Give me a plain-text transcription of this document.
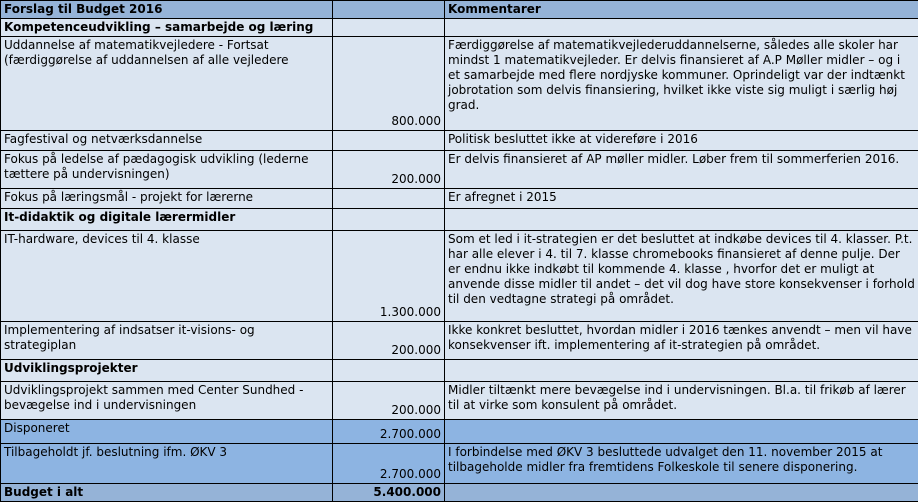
Forslag til Budget 2016		Kommentarer
Kompetenceudvikling – samarbejde og læring		
Uddannelse af matematikvejledere - Fortsat (færdiggørelse af uddannelsen af alle vejledere	800.000	Færdiggørelse af matematikvejlederuddannelserne, således alle skoler har mindst 1 matematikvejleder. Er delvis finansieret af A.P Møller midler – og i et samarbejde med flere nordjyske kommuner. Oprindeligt var der indtænkt jobrotation som delvis finansiering, hvilket ikke viste sig muligt i særlig høj grad.
Fagfestival og netværksdannelse		Politisk besluttet ikke at videreføre i 2016
Fokus på ledelse af pædagogisk udvikling (lederne tættere på undervisningen)	200.000	Er delvis finansieret af AP møller midler. Løber frem til sommerferien 2016.
Fokus på læringsmål - projekt for lærerne		Er afregnet i 2015
It-didaktik og digitale lærermidler		
IT-hardware, devices til 4. klasse	1.300.000	Som et led i it-strategien er det besluttet at indkøbe devices til 4. klasser. P.t. har alle elever i 4. til 7. klasse chromebooks finansieret af denne pulje. Der er endnu ikke indkøbt til kommende 4. klasse , hvorfor det er muligt at anvende disse midler til andet – det vil dog have store konsekvenser i forhold til den vedtagne strategi på området.
Implementering af indsatser it-visions- og strategiplan	200.000	Ikke konkret besluttet, hvordan midler i 2016 tænkes anvendt – men vil have konsekvenser ift. implementering af it-strategien på området.
Udviklingsprojekter		
Udviklingsprojekt sammen med Center Sundhed - bevægelse ind i undervisningen	200.000	Midler tiltænkt mere bevægelse ind i undervisningen. Bl.a. til frikøb af lærer til at virke som konsulent på området.
Disponeret	2.700.000	
Tilbageholdt jf. beslutning ifm. ØKV 3	2.700.000	I forbindelse med ØKV 3 besluttede udvalget den 11. november 2015 at tilbageholde midler fra fremtidens Folkeskole til senere disponering.
Budget i alt	5.400.000	
